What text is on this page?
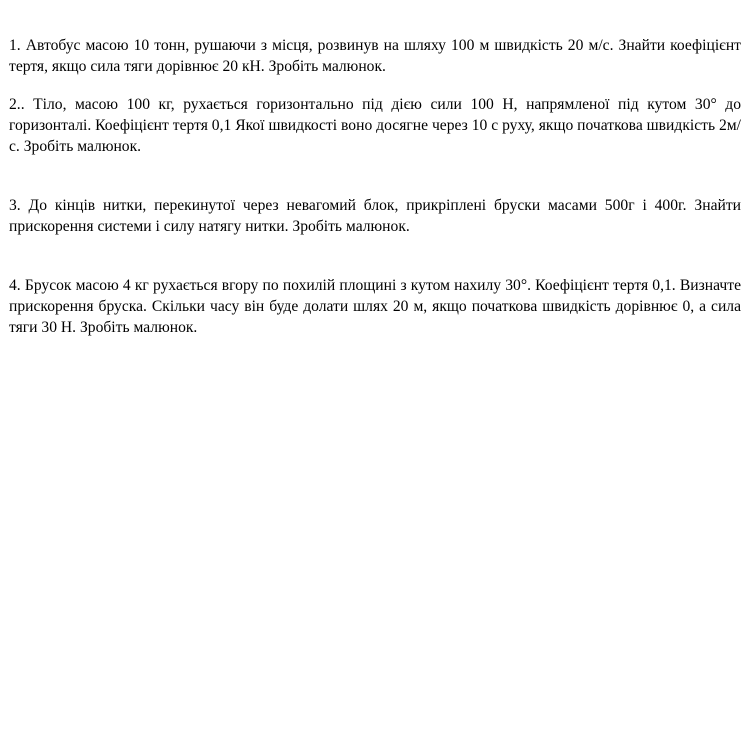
1. Автобус масою 10 тонн, рушаючи з місця, розвинув на шляху 100 м швидкість 20 м/с. Знайти коефіцієнт тертя, якщо сила тяги дорівнює 20 кН. Зробіть малюнок.

2.. Тіло, масою 100 кг, рухається горизонтально під дією сили 100 Н, напрямленої під кутом 30° до горизонталі. Коефіцієнт тертя 0,1 Якої швидкості воно досягне через 10 с руху, якщо початкова швидкість 2м/с. Зробіть малюнок.

3. До кінців нитки, перекинутої через невагомий блок, прикріплені бруски масами 500г і 400г. Знайти прискорення системи і силу натягу нитки. Зробіть малюнок.

4. Брусок масою 4 кг рухається вгору по похилій площині з кутом нахилу 30°. Коефіцієнт тертя 0,1. Визначте прискорення бруска. Скільки часу він буде долати шлях 20 м, якщо початкова швидкість дорівнює 0, а сила тяги 30 Н. Зробіть малюнок.
